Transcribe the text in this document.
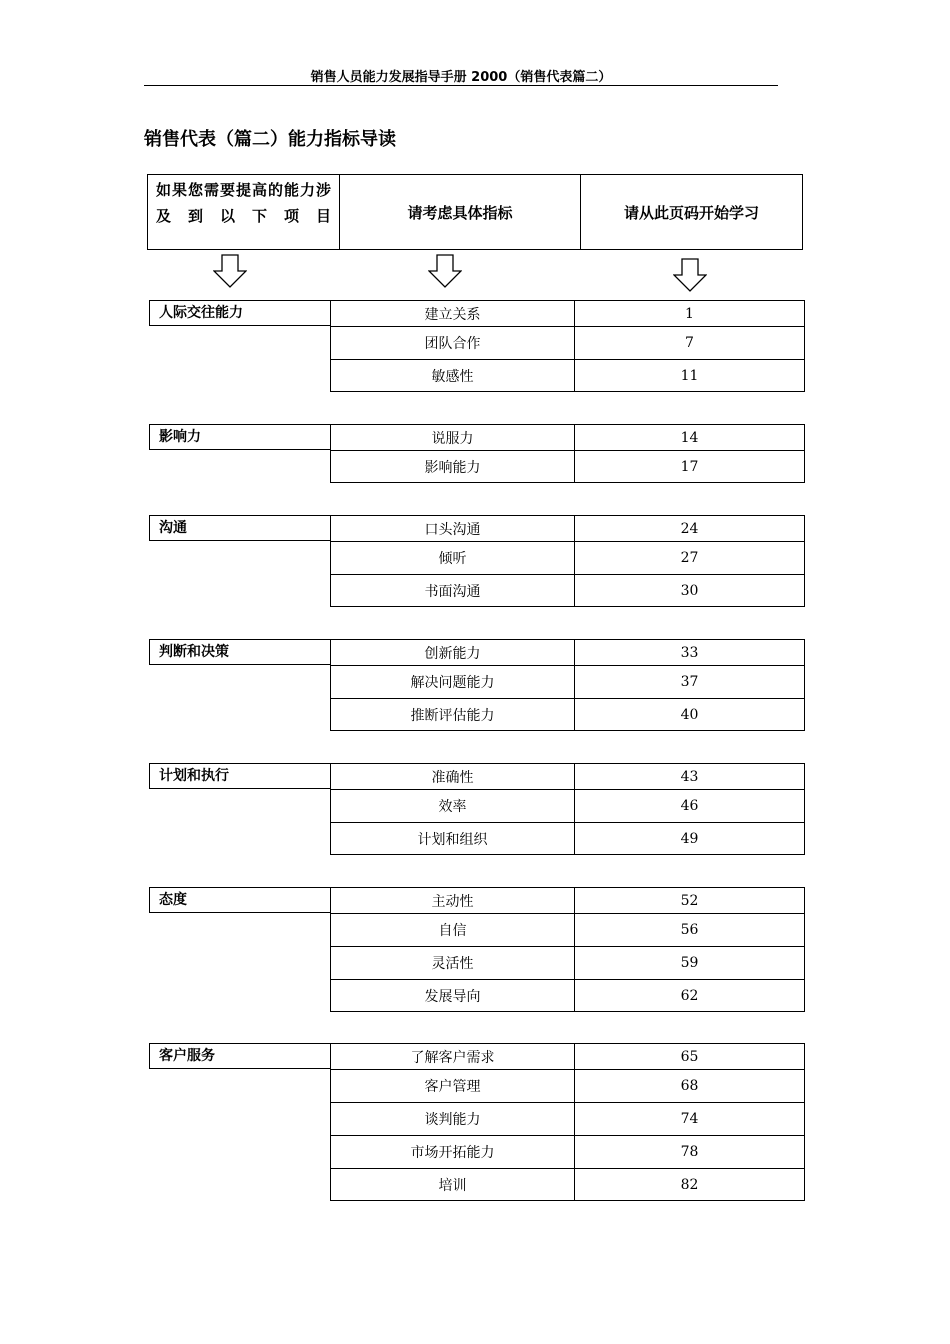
销售人员能力发展指导手册 2000（销售代表篇二）
销售代表（篇二）能力指标导读
如果您需要提高的能力涉及到以下项目	请考虑具体指标	请从此页码开始学习
人际交往能力	建立关系	1
团队合作	7
敏感性	11
影响力	说服力	14
影响能力	17
沟通	口头沟通	24
倾听	27
书面沟通	30
判断和决策	创新能力	33
解决问题能力	37
推断评估能力	40
计划和执行	准确性	43
效率	46
计划和组织	49
态度	主动性	52
自信	56
灵活性	59
发展导向	62
客户服务	了解客户需求	65
客户管理	68
谈判能力	74
市场开拓能力	78
培训	82
